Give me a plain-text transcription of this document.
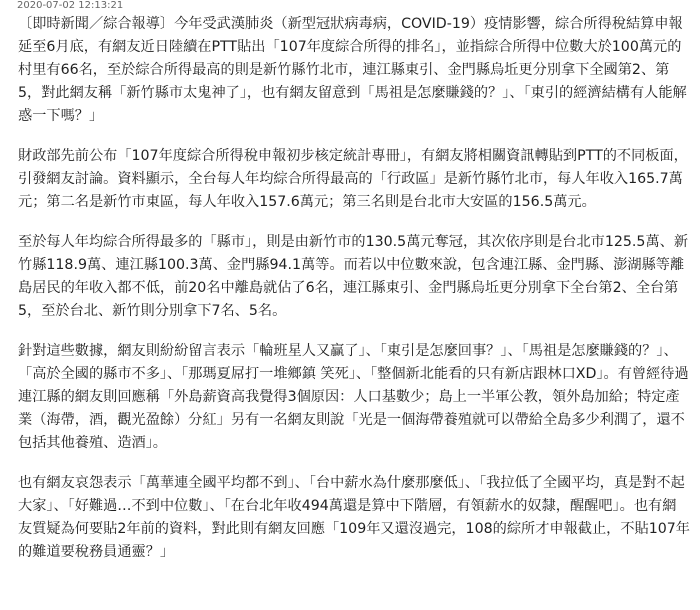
2020-07-02 12:13:21

〔即時新聞／綜合報導〕今年受武漢肺炎（新型冠狀病毒病，COVID-19）疫情影響，綜合所得稅結算申報延至6月底，有網友近日陸續在PTT貼出「107年度綜合所得的排名」，並指綜合所得中位數大於100萬元的村里有66名，至於綜合所得最高的則是新竹縣竹北市，連江縣東引、金門縣烏坵更分別拿下全國第2、第5，對此網友稱「新竹縣市太鬼神了」，也有網友留意到「馬祖是怎麼賺錢的？」、「東引的經濟結構有人能解惑一下嗎？」

財政部先前公布「107年度綜合所得稅申報初步核定統計專冊」，有網友將相關資訊轉貼到PTT的不同板面，引發網友討論。資料顯示，全台每人年均綜合所得最高的「行政區」是新竹縣竹北市，每人年收入165.7萬元；第二名是新竹市東區，每人年收入157.6萬元；第三名則是台北市大安區的156.5萬元。

至於每人年均綜合所得最多的「縣市」，則是由新竹市的130.5萬元奪冠，其次依序則是台北市125.5萬、新竹縣118.9萬、連江縣100.3萬、金門縣94.1萬等。而若以中位數來說，包含連江縣、金門縣、澎湖縣等離島居民的年收入都不低，前20名中離島就佔了6名，連江縣東引、金門縣烏坵更分別拿下全台第2、全台第5，至於台北、新竹則分別拿下7名、5名。

針對這些數據，網友則紛紛留言表示「輪班星人又贏了」、「東引是怎麼回事？」、「馬祖是怎麼賺錢的？」、「高於全國的縣市不多」、「那瑪夏屌打一堆鄉鎮 笑死」、「整個新北能看的只有新店跟林口XD」。有曾經待過連江縣的網友則回應稱「外島薪資高我覺得3個原因：人口基數少；島上一半軍公教，領外島加給；特定產業（海帶，酒，觀光盈餘）分紅」另有一名網友則說「光是一個海帶養殖就可以帶給全島多少利潤了，還不包括其他養殖、造酒」。

也有網友哀怨表示「萬華連全國平均都不到」、「台中薪水為什麼那麼低」、「我拉低了全國平均，真是對不起大家」、「好難過…不到中位數」、「在台北年收494萬還是算中下階層，有領薪水的奴隸，醒醒吧」。也有網友質疑為何要貼2年前的資料，對此則有網友回應「109年又還沒過完，108的綜所才申報截止，不貼107年的難道要稅務員通靈？」
